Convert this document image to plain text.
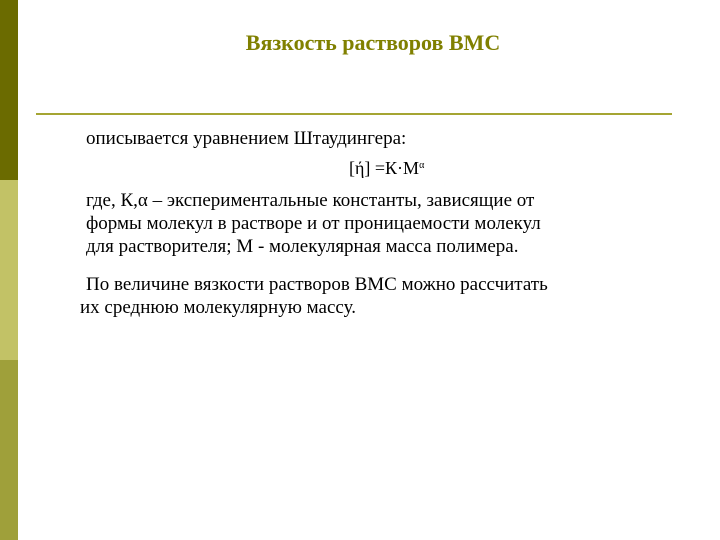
Вязкость растворов ВМС
описывается уравнением Штаудингера:
$[ή] =К\cdot М^\alpha$
где, К,α – экспериментальные константы, зависящие от
формы молекул в растворе и от проницаемости молекул
для растворителя; М - молекулярная масса полимера.
По величине вязкости растворов ВМС можно рассчитать
их среднюю молекулярную массу.
